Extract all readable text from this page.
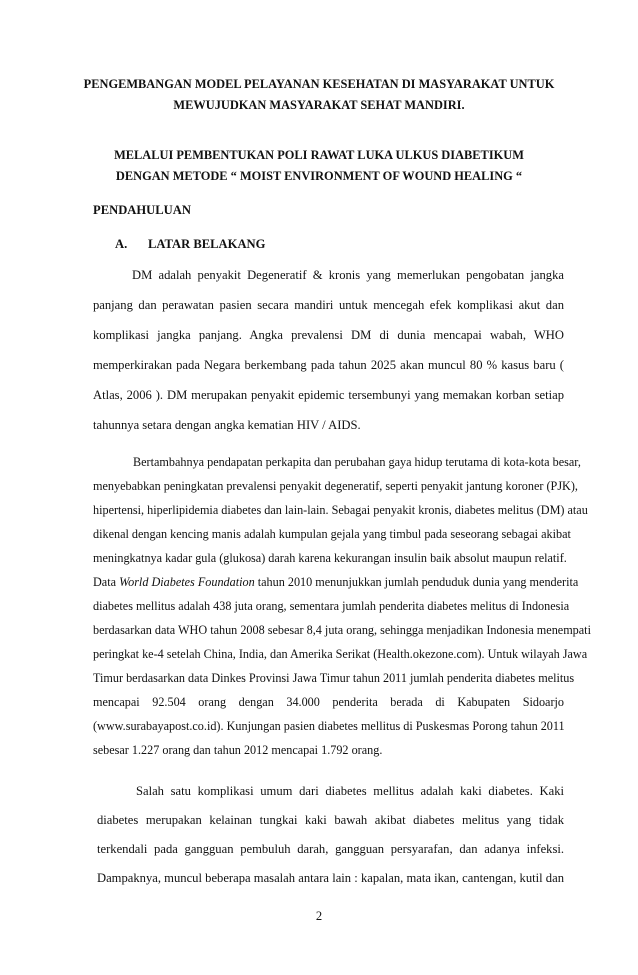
PENGEMBANGAN MODEL PELAYANAN KESEHATAN DI MASYARAKAT UNTUK
MEWUJUDKAN MASYARAKAT SEHAT MANDIRI.
MELALUI PEMBENTUKAN POLI RAWAT LUKA ULKUS DIABETIKUM
DENGAN METODE “ MOIST ENVIRONMENT OF WOUND HEALING “
PENDAHULUAN
A. LATAR BELAKANG
DM adalah penyakit Degeneratif & kronis yang memerlukan pengobatan jangka
panjang dan perawatan pasien secara mandiri untuk mencegah efek komplikasi akut dan
komplikasi jangka panjang. Angka prevalensi DM di dunia mencapai wabah, WHO
memperkirakan pada Negara berkembang pada tahun 2025 akan muncul 80 % kasus baru (
Atlas, 2006 ). DM merupakan penyakit epidemic tersembunyi yang memakan korban setiap
tahunnya setara dengan angka kematian HIV / AIDS.
Bertambahnya pendapatan perkapita dan perubahan gaya hidup terutama di kota-kota besar,
menyebabkan peningkatan prevalensi penyakit degeneratif, seperti penyakit jantung koroner (PJK),
hipertensi, hiperlipidemia diabetes dan lain-lain. Sebagai penyakit kronis, diabetes melitus (DM) atau
dikenal dengan kencing manis adalah kumpulan gejala yang timbul pada seseorang sebagai akibat
meningkatnya kadar gula (glukosa) darah karena kekurangan insulin baik absolut maupun relatif.
Data World Diabetes Foundation tahun 2010 menunjukkan jumlah penduduk dunia yang menderita
diabetes mellitus adalah 438 juta orang, sementara jumlah penderita diabetes melitus di Indonesia
berdasarkan data WHO tahun 2008 sebesar 8,4 juta orang, sehingga menjadikan Indonesia menempati
peringkat ke-4 setelah China, India, dan Amerika Serikat (Health.okezone.com). Untuk wilayah Jawa
Timur berdasarkan data Dinkes Provinsi Jawa Timur tahun 2011 jumlah penderita diabetes melitus
mencapai 92.504 orang dengan 34.000 penderita berada di Kabupaten Sidoarjo
(www.surabayapost.co.id). Kunjungan pasien diabetes mellitus di Puskesmas Porong tahun 2011
sebesar 1.227 orang dan tahun 2012 mencapai 1.792 orang.
2
Salah satu komplikasi umum dari diabetes mellitus adalah kaki diabetes. Kaki
diabetes merupakan kelainan tungkai kaki bawah akibat diabetes melitus yang tidak
terkendali pada gangguan pembuluh darah, gangguan persyarafan, dan adanya infeksi.
Dampaknya, muncul beberapa masalah antara lain : kapalan, mata ikan, cantengan, kutil dan
